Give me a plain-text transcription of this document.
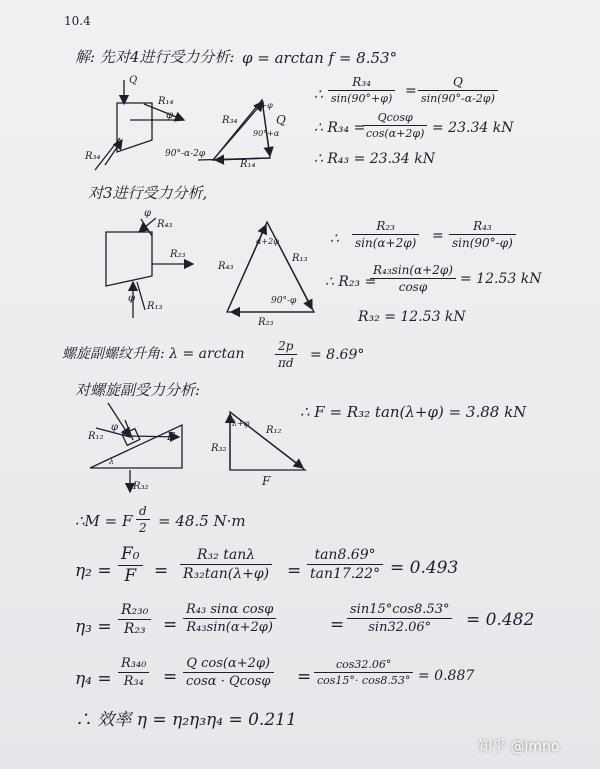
10.4
解: 先对4进行受力分析: φ = arctan f = 8.53°
Q
R₁₄
φ
R₃₄
R₃₄	Q
α+φ
90°+α
90°-α-2φ
R₁₄
∴
R₃₄
sin(90°+φ) =
Q
sin(90°-α-2φ)
∴ R₃₄ =
Qcosφ
cos(α+2φ) = 23.34 kN
∴ R₄₃ = 23.34 kN
对3进行受力分析,
R₄₃
φ
R₂₃
φ
R₁₃
α+2φ
R₄₃
R₁₃
90°-φ
R₂₃
∴
R₂₃
sin(α+2φ) =
R₄₃
sin(90°-φ)
∴ R₂₃ =
R₄₃sin(α+2φ)
cosφ	= 12.53 kN
R₃₂ = 12.53 kN
螺旋副螺纹升角: λ = arctan	2p
πd = 8.69°
对螺旋副受力分析:
R₁₂
φ
F
λ
R₃₂
λ+φ
R₁₂
R₃₂
F
∴ F = R₃₂ tan(λ+φ) = 3.88 kN
∴M = F
d
2 = 48.5 N·m
η₂ =
F₀
F	=
R₃₂ tanλ
R₃₂tan(λ+φ) =
tan8.69°
tan17.22° = 0.493
η₃ =
R₂₃₀
R₂₃	=
R₄₃ sinα cosφ
R₄₃sin(α+2φ)	=
sin15°cos8.53°
sin32.06°	= 0.482
η₄ =
R₃₄₀
R₃₄	=
Q cos(α+2φ)
cosα · Qcosφ =
cos32.06°
cos15°· cos8.53° = 0.887
∴ 效率 η = η₂η₃η₄ = 0.211
知乎 @lmno
